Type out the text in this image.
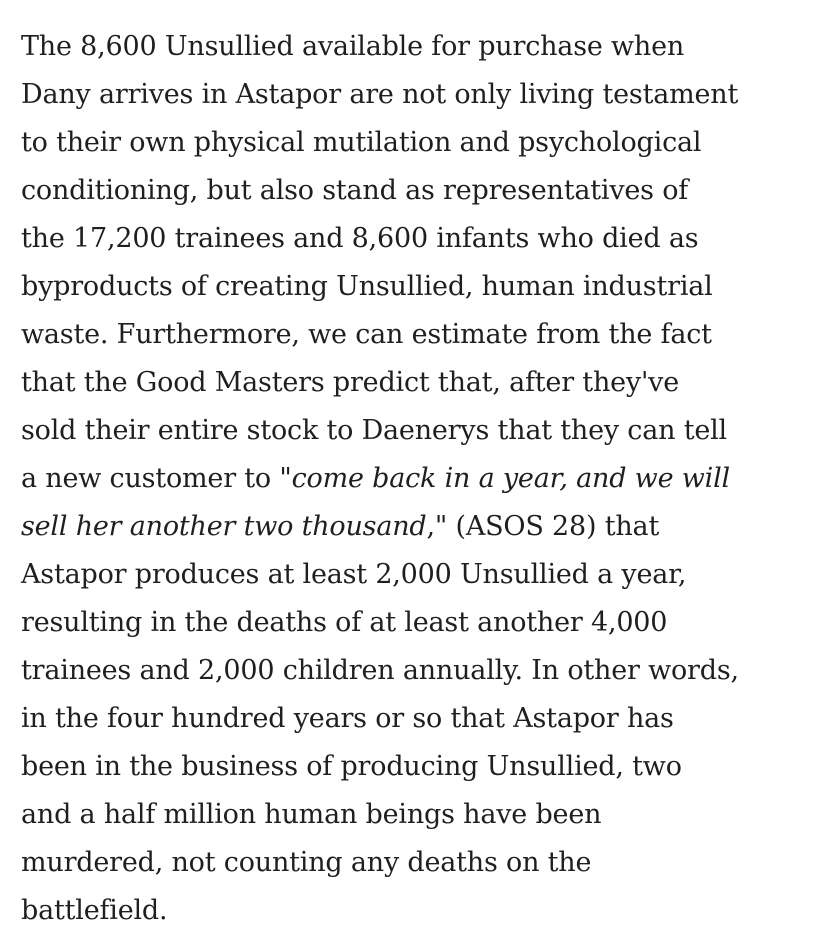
The 8,600 Unsullied available for purchase when
Dany arrives in Astapor are not only living testament
to their own physical mutilation and psychological
conditioning, but also stand as representatives of
the 17,200 trainees and 8,600 infants who died as
byproducts of creating Unsullied, human industrial
waste. Furthermore, we can estimate from the fact
that the Good Masters predict that, after they've
sold their entire stock to Daenerys that they can tell
a new customer to "come back in a year, and we will
sell her another two thousand," (ASOS 28) that
Astapor produces at least 2,000 Unsullied a year,
resulting in the deaths of at least another 4,000
trainees and 2,000 children annually. In other words,
in the four hundred years or so that Astapor has
been in the business of producing Unsullied, two
and a half million human beings have been
murdered, not counting any deaths on the
battlefield.
